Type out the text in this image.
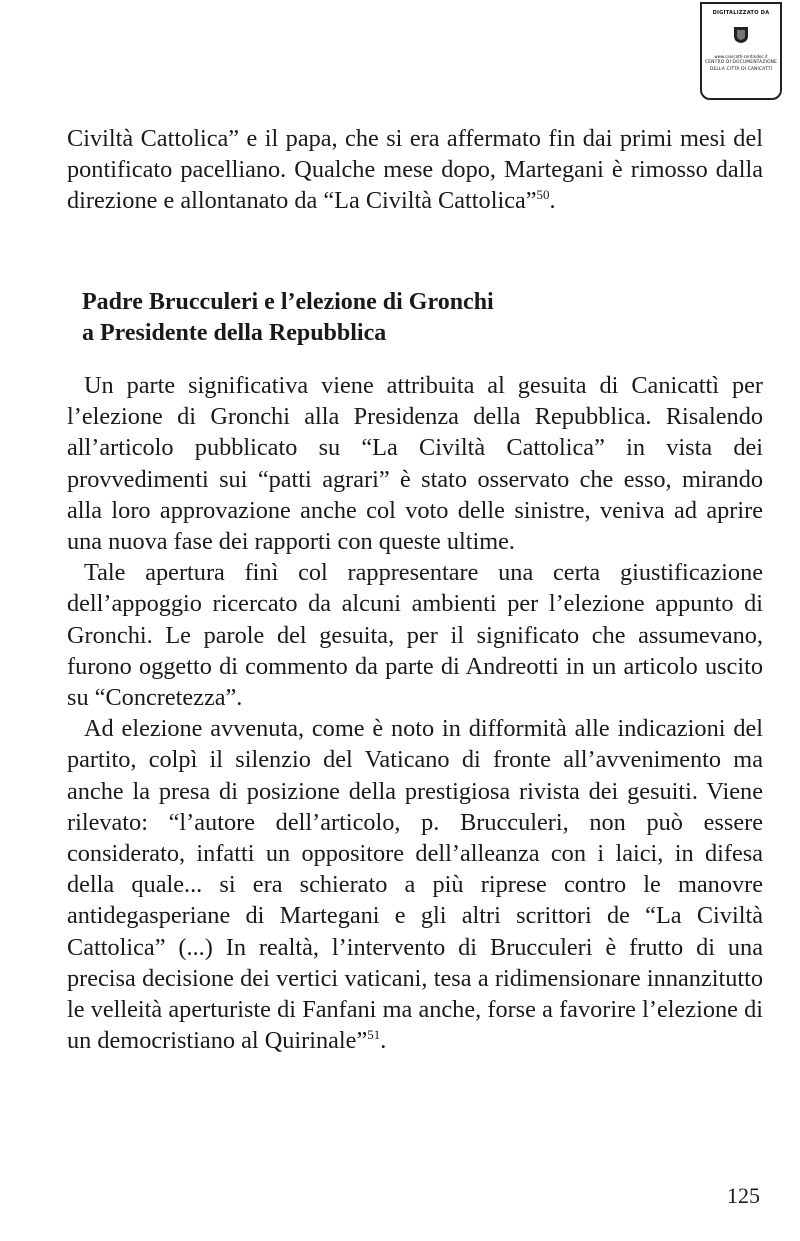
DIGITALIZZATO DA
www.canicatti-centrodoc.it
CENTRO DI DOCUMENTAZIONE
DELLA CITTÀ DI CANICATTÌ

Civiltà Cattolica” e il papa, che si era affermato fin dai primi mesi del pontificato pacelliano. Qualche mese dopo, Martegani è rimosso dalla direzione e allontanato da “La Civiltà Cattolica”$^{50}$.

Padre Brucculeri e l’elezione di Gronchi
a Presidente della Repubblica

Un parte significativa viene attribuita al gesuita di Canicattì per l’elezione di Gronchi alla Presidenza della Repubblica. Risalendo all’articolo pubblicato su “La Civiltà Cattolica” in vista dei provvedimenti sui “patti agrari” è stato osservato che esso, mirando alla loro approvazione anche col voto delle sinistre, veniva ad aprire una nuova fase dei rapporti con queste ultime.

Tale apertura finì col rappresentare una certa giustificazione dell’appoggio ricercato da alcuni ambienti per l’elezione appunto di Gronchi. Le parole del gesuita, per il significato che assumevano, furono oggetto di commento da parte di Andreotti in un articolo uscito su “Concretezza”.

Ad elezione avvenuta, come è noto in difformità alle indicazioni del partito, colpì il silenzio del Vaticano di fronte all’avvenimento ma anche la presa di posizione della prestigiosa rivista dei gesuiti. Viene rilevato: “l’autore dell’articolo, p. Brucculeri, non può essere considerato, infatti un oppositore dell’alleanza con i laici, in difesa della quale... si era schierato a più riprese contro le manovre antidegasperiane di Martegani e gli altri scrittori de “La Civiltà Cattolica” (...) In realtà, l’intervento di Brucculeri è frutto di una precisa decisione dei vertici vaticani, tesa a ridimensionare innanzitutto le velleità aperturiste di Fanfani ma anche, forse a favorire l’elezione di un democristiano al Quirinale”$^{51}$.

125
